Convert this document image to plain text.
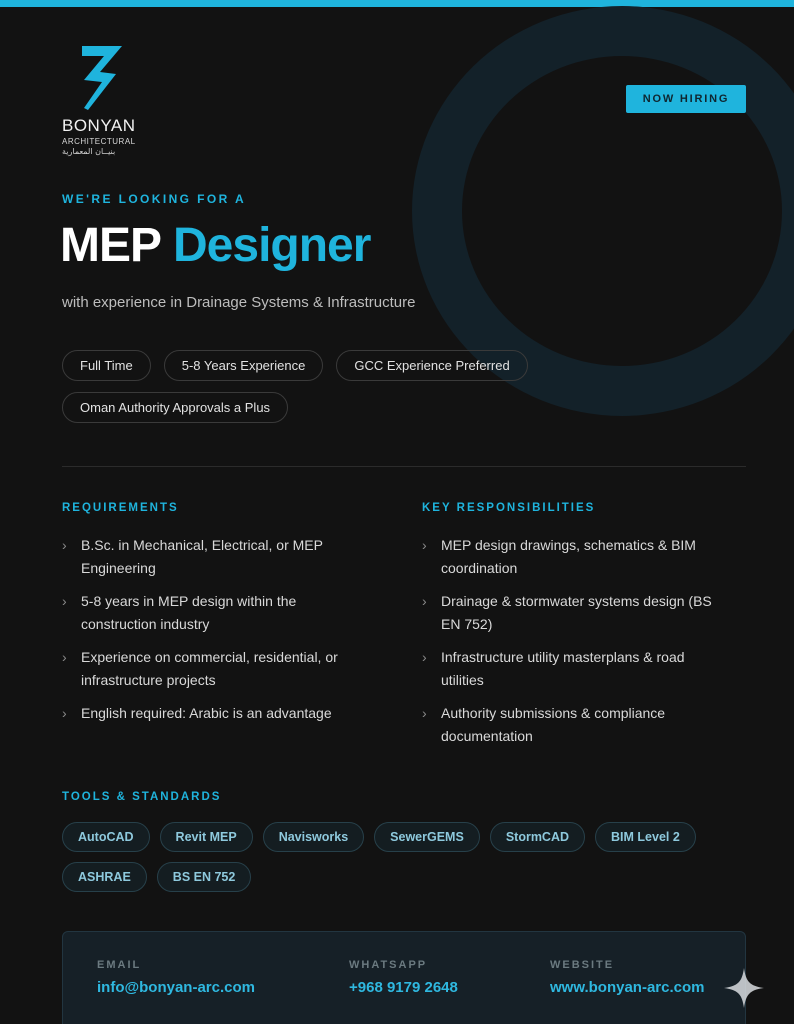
BONYAN
ARCHITECTURAL
بنيــان المعمارية
NOW HIRING
WE'RE LOOKING FOR A
MEP Designer
with experience in Drainage Systems & Infrastructure
Full Time	5-8 Years Experience	GCC Experience Preferred
Oman Authority Approvals a Plus
REQUIREMENTS
› B.Sc. in Mechanical, Electrical, or MEP Engineering
› 5-8 years in MEP design within the construction industry
› Experience on commercial, residential, or infrastructure projects
› English required: Arabic is an advantage
KEY RESPONSIBILITIES
› MEP design drawings, schematics & BIM coordination
› Drainage & stormwater systems design (BS EN 752)
› Infrastructure utility masterplans & road utilities
› Authority submissions & compliance documentation
TOOLS & STANDARDS
AutoCAD	Revit MEP	Navisworks	SewerGEMS	StormCAD	BIM Level 2
ASHRAE	BS EN 752
EMAIL
info@bonyan-arc.com
WHATSAPP
+968 9179 2648
WEBSITE
www.bonyan-arc.com
